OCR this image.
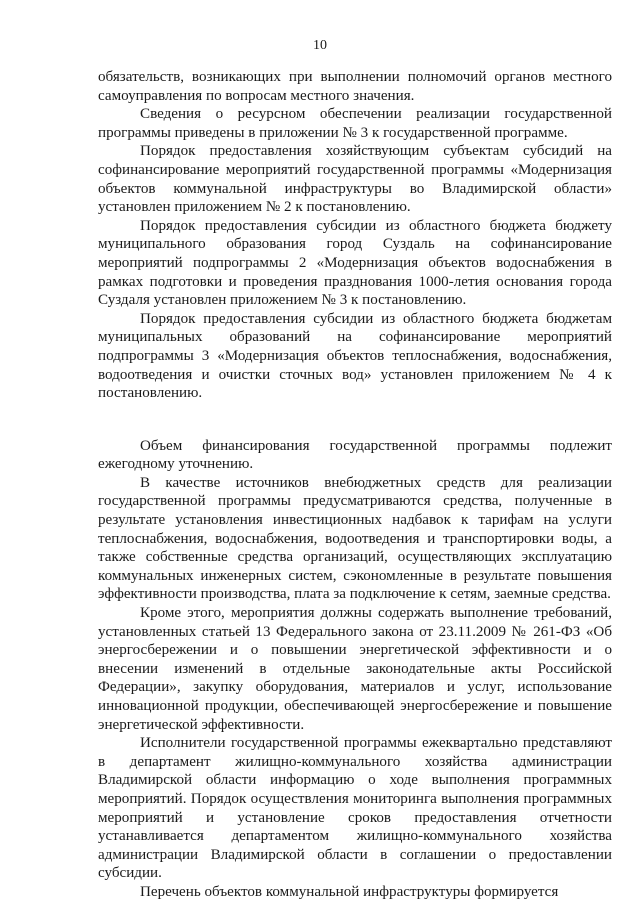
10

обязательств, возникающих при выполнении полномочий органов местного самоуправления по вопросам местного значения.

Сведения о ресурсном обеспечении реализации государственной программы приведены в приложении № 3 к государственной программе.

Порядок предоставления хозяйствующим субъектам субсидий на софинансирование мероприятий государственной программы «Модернизация объектов коммунальной инфраструктуры во Владимирской области» установлен приложением № 2 к постановлению.

Порядок предоставления субсидии из областного бюджета бюджету муниципального образования город Суздаль на софинансирование мероприятий подпрограммы 2 «Модернизация объектов водоснабжения в рамках подготовки и проведения празднования 1000-летия основания города Суздаля установлен приложением № 3 к постановлению.

Порядок предоставления субсидии из областного бюджета бюджетам муниципальных образований на софинансирование мероприятий подпрограммы 3 «Модернизация объектов теплоснабжения, водоснабжения, водоотведения и очистки сточных вод» установлен приложением № 4 к постановлению.

Объем финансирования государственной программы подлежит ежегодному уточнению.

В качестве источников внебюджетных средств для реализации государственной программы предусматриваются средства, полученные в результате установления инвестиционных надбавок к тарифам на услуги теплоснабжения, водоснабжения, водоотведения и транспортировки воды, а также собственные средства организаций, осуществляющих эксплуатацию коммунальных инженерных систем, сэкономленные в результате повышения эффективности производства, плата за подключение к сетям, заемные средства.

Кроме этого, мероприятия должны содержать выполнение требований, установленных статьей 13 Федерального закона от 23.11.2009 № 261-ФЗ «Об энергосбережении и о повышении энергетической эффективности и о внесении изменений в отдельные законодательные акты Российской Федерации», закупку оборудования, материалов и услуг, использование инновационной продукции, обеспечивающей энергосбережение и повышение энергетической эффективности.

Исполнители государственной программы ежеквартально представляют в департамент жилищно-коммунального хозяйства администрации Владимирской области информацию о ходе выполнения программных мероприятий. Порядок осуществления мониторинга выполнения программных мероприятий и установление сроков предоставления отчетности устанавливается департаментом жилищно-коммунального хозяйства администрации Владимирской области в соглашении о предоставлении субсидии.

Перечень объектов коммунальной инфраструктуры формируется
